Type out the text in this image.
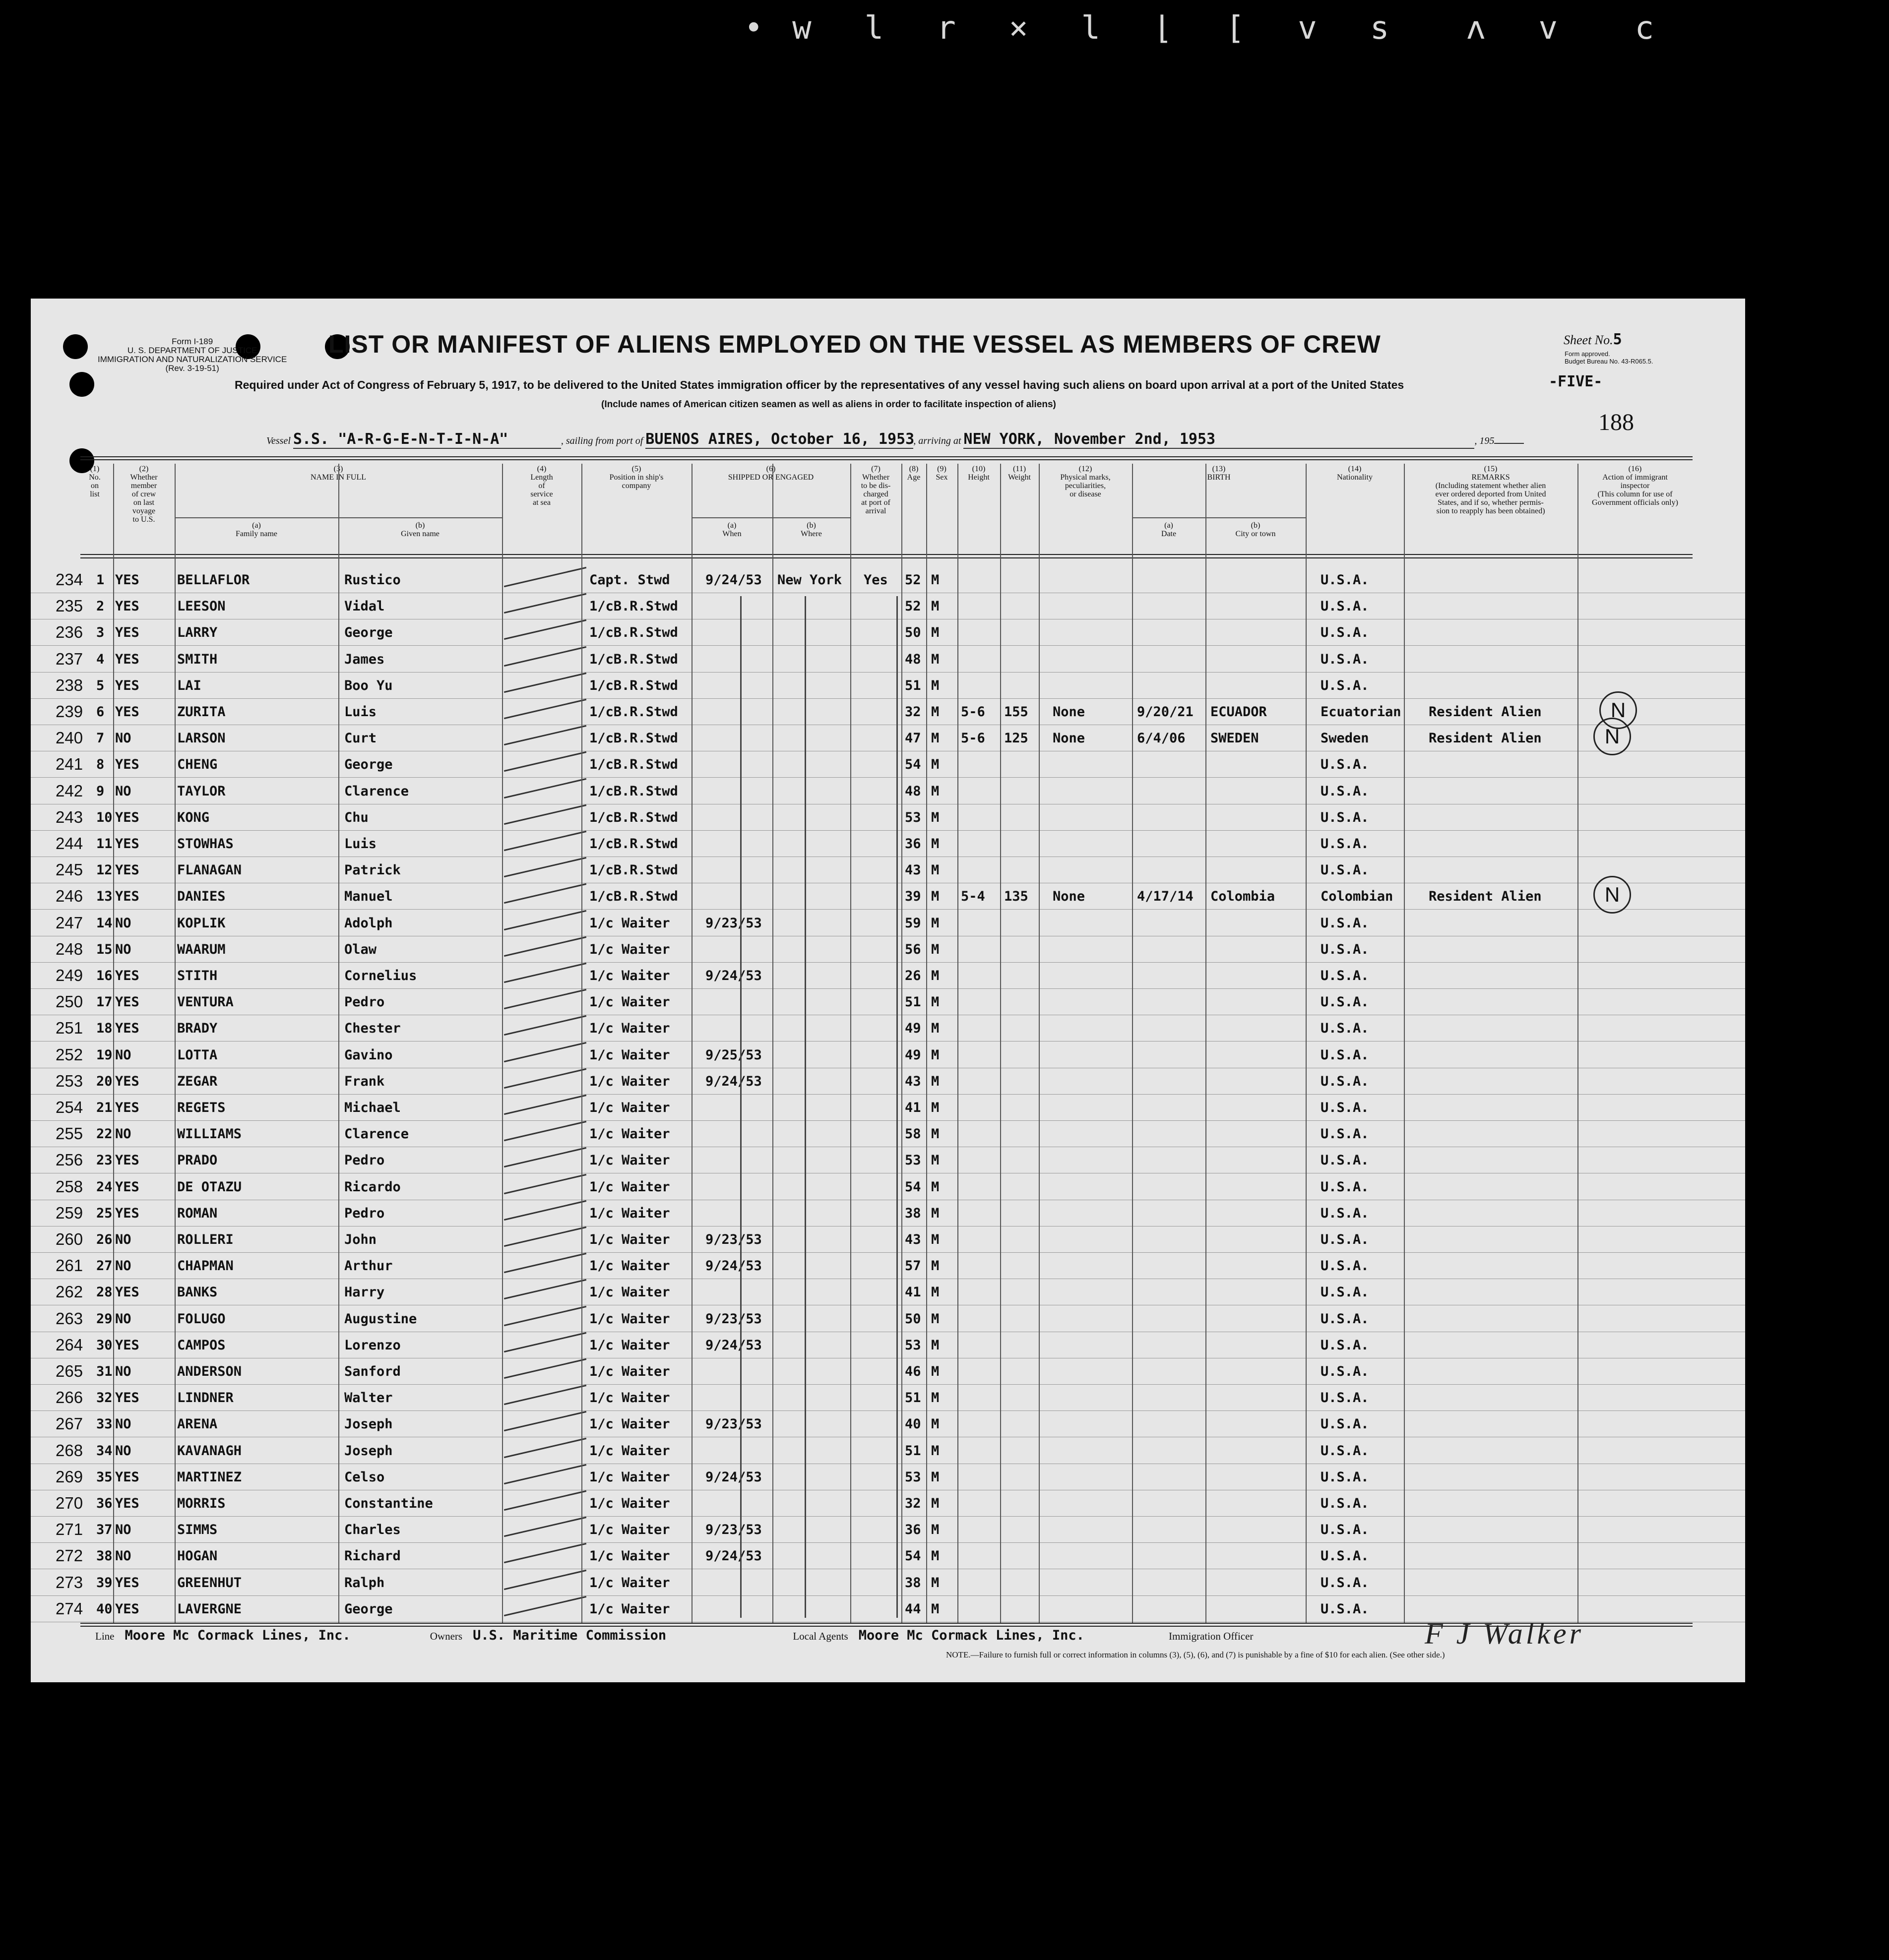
• w  l  r  ×  l  ⌊  [  v  s   ʌ  v   c
Form I-189
U. S. DEPARTMENT OF JUSTICE
IMMIGRATION AND NATURALIZATION SERVICE
(Rev. 3-19-51)
LIST OR MANIFEST OF ALIENS EMPLOYED ON THE VESSEL AS MEMBERS OF CREW	Sheet No.5
Form approved.
Budget Bureau No. 43-R065.5.
-FIVE-
188
Required under Act of Congress of February 5, 1917, to be delivered to the United States immigration officer by the representatives of any vessel having such aliens on board upon arrival at a port of the United States
(Include names of American citizen seamen as well as aliens in order to facilitate inspection of aliens)
Vessel S.S. "A-R-G-E-N-T-I-N-A"	, sailing from port of BUENOS AIRES, October 16, 1953, arriving at NEW YORK, November 2nd, 1953	, 195
(1)
No.
on
list
(2)
Whether
member
of crew
on last
voyage
to U.S.
(3)
NAME IN FULL
(a)
Family name
(b)
Given name
(4)
Length
of
service
at sea
(5)
Position in ship's
company
(6)
SHIPPED OR ENGAGED
(a)
When
(b)
Where
(7)
Whether
to be dis-
charged
at port of
arrival
(8)
Age
(9)
Sex
(10)
Height
(11)
Weight
(12)
Physical marks,
peculiarities,
or disease
(13)
BIRTH
(a)
Date
(b)
City or town
(14)
Nationality
(15)
REMARKS
(Including statement whether alien
ever ordered deported from United
States, and if so, whether permis-
sion to reapply has been obtained)
(16)
Action of immigrant
inspector
(This column for use of
Government officials only)
234 1 YES	BELLAFLOR	Rustico	Capt. Stwd	9/24/53 New York Yes 52 M	U.S.A.
235 2 YES	LEESON	Vidal	1/cB.R.Stwd	52 M	U.S.A.
236 3 YES	LARRY	George	1/cB.R.Stwd	50 M	U.S.A.
237 4 YES	SMITH	James	1/cB.R.Stwd	48 M	U.S.A.
238 5 YES	LAI	Boo Yu	1/cB.R.Stwd	51 M	U.S.A.
239 6 YES	ZURITA	Luis	1/cB.R.Stwd	32 M 5-6 155 None	9/20/21 ECUADOR	Ecuatorian Resident Alien	N
240 7 NO	LARSON	Curt	1/cB.R.Stwd	47 M 5-6 125 None	6/4/06 SWEDEN	Sweden	Resident Alien	N
241 8 YES	CHENG	George	1/cB.R.Stwd	54 M	U.S.A.
242 9 NO	TAYLOR	Clarence	1/cB.R.Stwd	48 M	U.S.A.
243 10 YES	KONG	Chu	1/cB.R.Stwd	53 M	U.S.A.
244 11 YES	STOWHAS	Luis	1/cB.R.Stwd	36 M	U.S.A.
245 12 YES	FLANAGAN	Patrick	1/cB.R.Stwd	43 M	U.S.A.
246 13 YES	DANIES	Manuel	1/cB.R.Stwd	39 M 5-4 135 None	4/17/14 Colombia	Colombian	Resident Alien	N
247 14 NO	KOPLIK	Adolph	1/c Waiter	9/23/53	59 M	U.S.A.
248 15 NO	WAARUM	Olaw	1/c Waiter	56 M	U.S.A.
249 16 YES	STITH	Cornelius	1/c Waiter	9/24/53	26 M	U.S.A.
250 17 YES	VENTURA	Pedro	1/c Waiter	51 M	U.S.A.
251 18 YES	BRADY	Chester	1/c Waiter	49 M	U.S.A.
252 19 NO	LOTTA	Gavino	1/c Waiter	9/25/53	49 M	U.S.A.
253 20 YES	ZEGAR	Frank	1/c Waiter	9/24/53	43 M	U.S.A.
254 21 YES	REGETS	Michael	1/c Waiter	41 M	U.S.A.
255 22 NO	WILLIAMS	Clarence	1/c Waiter	58 M	U.S.A.
256 23 YES	PRADO	Pedro	1/c Waiter	53 M	U.S.A.
258 24 YES	DE OTAZU	Ricardo	1/c Waiter	54 M	U.S.A.
259 25 YES	ROMAN	Pedro	1/c Waiter	38 M	U.S.A.
260 26 NO	ROLLERI	John	1/c Waiter	9/23/53	43 M	U.S.A.
261 27 NO	CHAPMAN	Arthur	1/c Waiter	9/24/53	57 M	U.S.A.
262 28 YES	BANKS	Harry	1/c Waiter	41 M	U.S.A.
263 29 NO	FOLUGO	Augustine	1/c Waiter	9/23/53	50 M	U.S.A.
264 30 YES	CAMPOS	Lorenzo	1/c Waiter	9/24/53	53 M	U.S.A.
265 31 NO	ANDERSON	Sanford	1/c Waiter	46 M	U.S.A.
266 32 YES	LINDNER	Walter	1/c Waiter	51 M	U.S.A.
267 33 NO	ARENA	Joseph	1/c Waiter	9/23/53	40 M	U.S.A.
268 34 NO	KAVANAGH	Joseph	1/c Waiter	51 M	U.S.A.
269 35 YES	MARTINEZ	Celso	1/c Waiter	9/24/53	53 M	U.S.A.
270 36 YES	MORRIS	Constantine	1/c Waiter	32 M	U.S.A.
271 37 NO	SIMMS	Charles	1/c Waiter	9/23/53	36 M	U.S.A.
272 38 NO	HOGAN	Richard	1/c Waiter	9/24/53	54 M	U.S.A.
273 39 YES	GREENHUT	Ralph	1/c Waiter	38 M	U.S.A.
274 40 YES	LAVERGNE	George	1/c Waiter	44 M	U.S.A.
Line Moore Mc Cormack Lines, Inc.	Owners U.S. Maritime Commission	Local Agents Moore Mc Cormack Lines, Inc.	Immigration Officer	F J Walker
NOTE.—Failure to furnish full or correct information in columns (3), (5), (6), and (7) is punishable by a fine of $10 for each alien. (See other side.)
